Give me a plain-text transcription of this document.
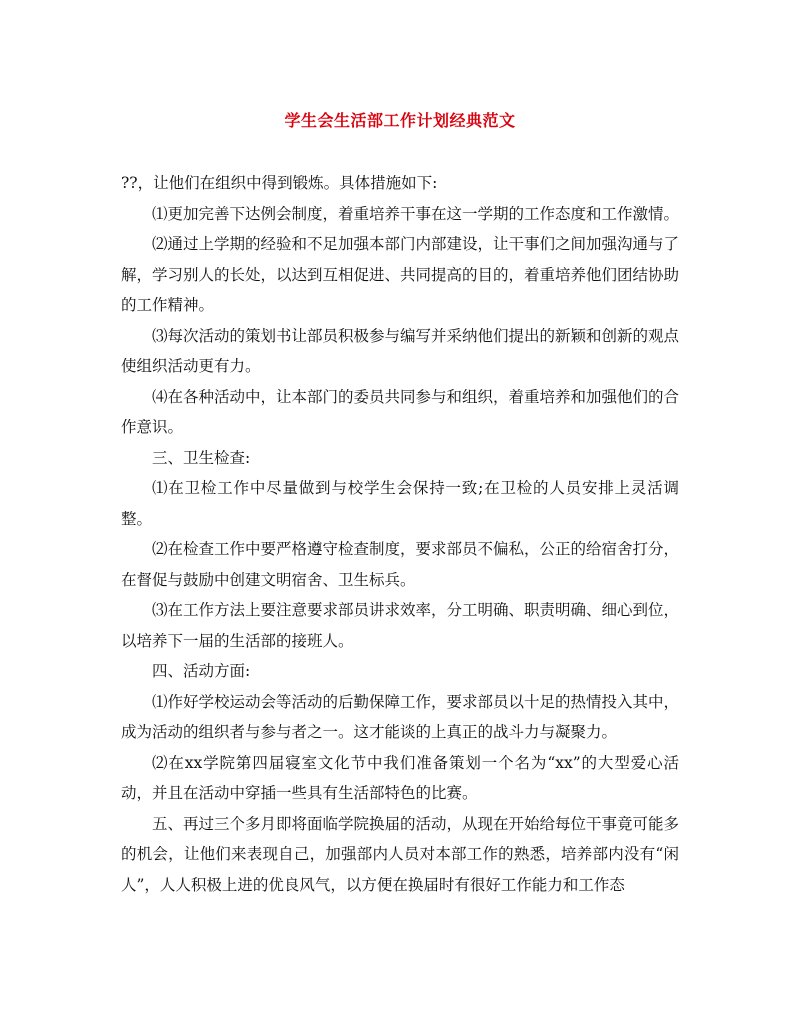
学生会生活部工作计划经典范文

??，让他们在组织中得到锻炼。具体措施如下:

⑴更加完善下达例会制度，着重培养干事在这一学期的工作态度和工作激情。

⑵通过上学期的经验和不足加强本部门内部建设，让干事们之间加强沟通与了解，学习别人的长处，以达到互相促进、共同提高的目的，着重培养他们团结协助的工作精神。

⑶每次活动的策划书让部员积极参与编写并采纳他们提出的新颖和创新的观点使组织活动更有力。

⑷在各种活动中，让本部门的委员共同参与和组织，着重培养和加强他们的合作意识。

三、卫生检查:

⑴在卫检工作中尽量做到与校学生会保持一致;在卫检的人员安排上灵活调整。

⑵在检查工作中要严格遵守检查制度，要求部员不偏私，公正的给宿舍打分，在督促与鼓励中创建文明宿舍、卫生标兵。

⑶在工作方法上要注意要求部员讲求效率，分工明确、职责明确、细心到位，以培养下一届的生活部的接班人。

四、活动方面:

⑴作好学校运动会等活动的后勤保障工作，要求部员以十足的热情投入其中，成为活动的组织者与参与者之一。这才能谈的上真正的战斗力与凝聚力。

⑵在xx学院第四届寝室文化节中我们准备策划一个名为“xx”的大型爱心活动，并且在活动中穿插一些具有生活部特色的比赛。

五、再过三个多月即将面临学院换届的活动，从现在开始给每位干事竟可能多的机会，让他们来表现自己，加强部内人员对本部工作的熟悉，培养部内没有“闲人”，人人积极上进的优良风气，以方便在换届时有很好工作能力和工作态
